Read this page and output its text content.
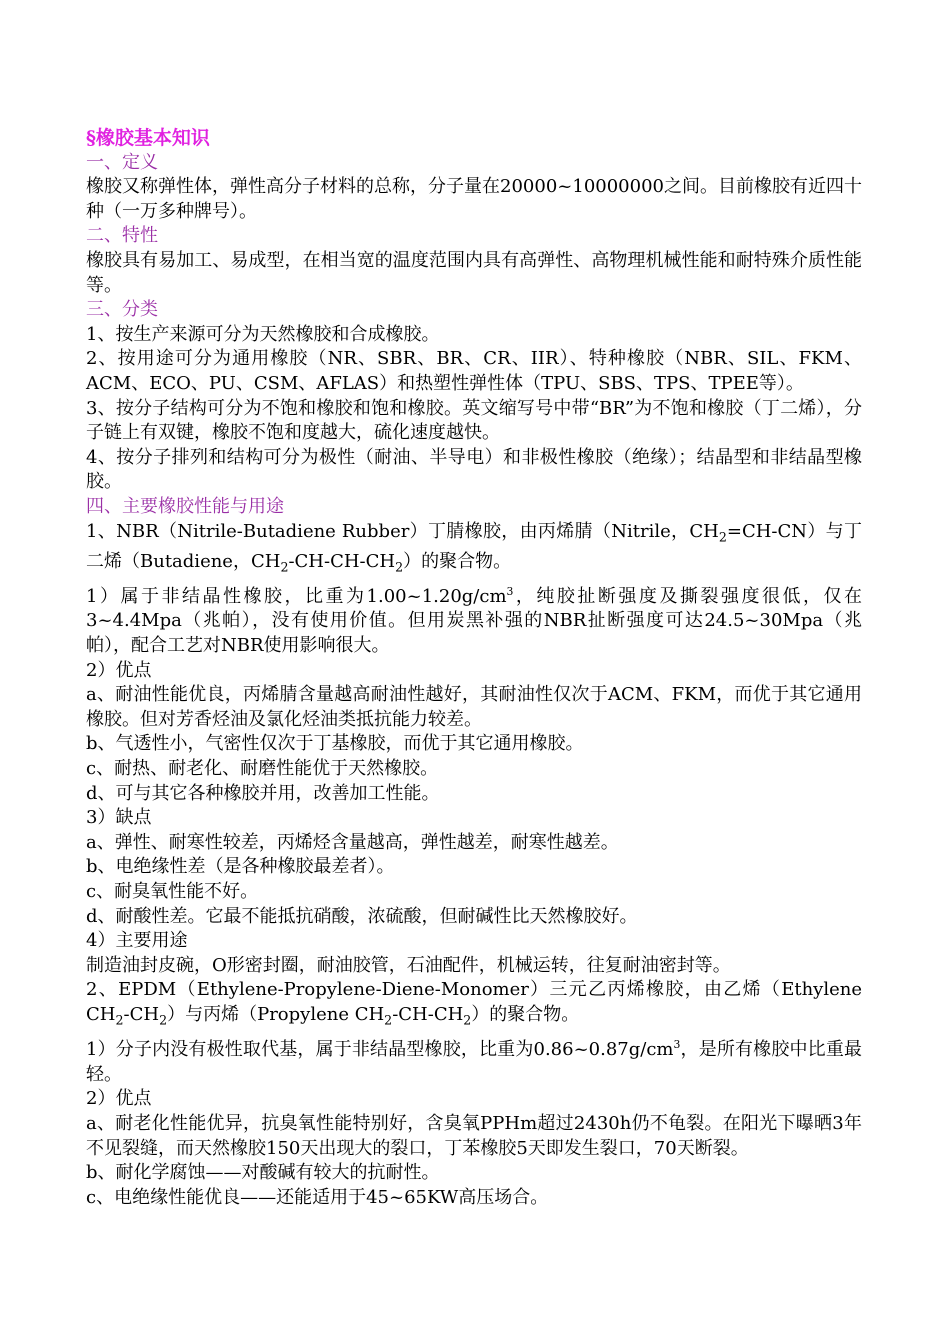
§橡胶基本知识

一、定义

橡胶又称弹性体，弹性高分子材料的总称，分子量在20000~10000000之间。目前橡胶有近四十种（一万多种牌号）。

二、特性

橡胶具有易加工、易成型，在相当宽的温度范围内具有高弹性、高物理机械性能和耐特殊介质性能等。

三、分类

1、按生产来源可分为天然橡胶和合成橡胶。

2、按用途可分为通用橡胶（NR、SBR、BR、CR、IIR）、特种橡胶（NBR、SIL、FKM、ACM、ECO、PU、CSM、AFLAS）和热塑性弹性体（TPU、SBS、TPS、TPEE等）。

3、按分子结构可分为不饱和橡胶和饱和橡胶。英文缩写号中带“BR”为不饱和橡胶（丁二烯），分子链上有双键，橡胶不饱和度越大，硫化速度越快。

4、按分子排列和结构可分为极性（耐油、半导电）和非极性橡胶（绝缘）；结晶型和非结晶型橡胶。

四、主要橡胶性能与用途

1、NBR（Nitrile-Butadiene Rubber）丁腈橡胶，由丙烯腈（Nitrile，$CH_2=CH-CN$）与丁二烯（Butadiene，$CH_2-CH-CH-CH_2$）的聚合物。

1）属于非结晶性橡胶，比重为$1.00\sim 1.20g/cm^3$，纯胶扯断强度及撕裂强度很低，仅在3~4.4Mpa（兆帕），没有使用价值。但用炭黑补强的NBR扯断强度可达24.5~30Mpa（兆帕），配合工艺对NBR使用影响很大。

2）优点

a、耐油性能优良，丙烯腈含量越高耐油性越好，其耐油性仅次于ACM、FKM，而优于其它通用橡胶。但对芳香烃油及氯化烃油类抵抗能力较差。

b、气透性小，气密性仅次于丁基橡胶，而优于其它通用橡胶。

c、耐热、耐老化、耐磨性能优于天然橡胶。

d、可与其它各种橡胶并用，改善加工性能。

3）缺点

a、弹性、耐寒性较差，丙烯烃含量越高，弹性越差，耐寒性越差。

b、电绝缘性差（是各种橡胶最差者）。

c、耐臭氧性能不好。

d、耐酸性差。它最不能抵抗硝酸，浓硫酸，但耐碱性比天然橡胶好。

4）主要用途

制造油封皮碗，O形密封圈，耐油胶管，石油配件，机械运转，往复耐油密封等。

2、EPDM（Ethylene-Propylene-Diene-Monomer）三元乙丙烯橡胶，由乙烯（Ethylene $CH_2-CH_2$）与丙烯（Propylene $CH_2-CH-CH_2$）的聚合物。

1）分子内没有极性取代基，属于非结晶型橡胶，比重为$0.86\sim 0.87g/cm^3$，是所有橡胶中比重最轻。

2）优点

a、耐老化性能优异，抗臭氧性能特别好，含臭氧PPHm超过2430h仍不龟裂。在阳光下曝晒3年不见裂缝，而天然橡胶150天出现大的裂口，丁苯橡胶5天即发生裂口，70天断裂。

b、耐化学腐蚀——对酸碱有较大的抗耐性。

c、电绝缘性能优良——还能适用于45~65KW高压场合。
